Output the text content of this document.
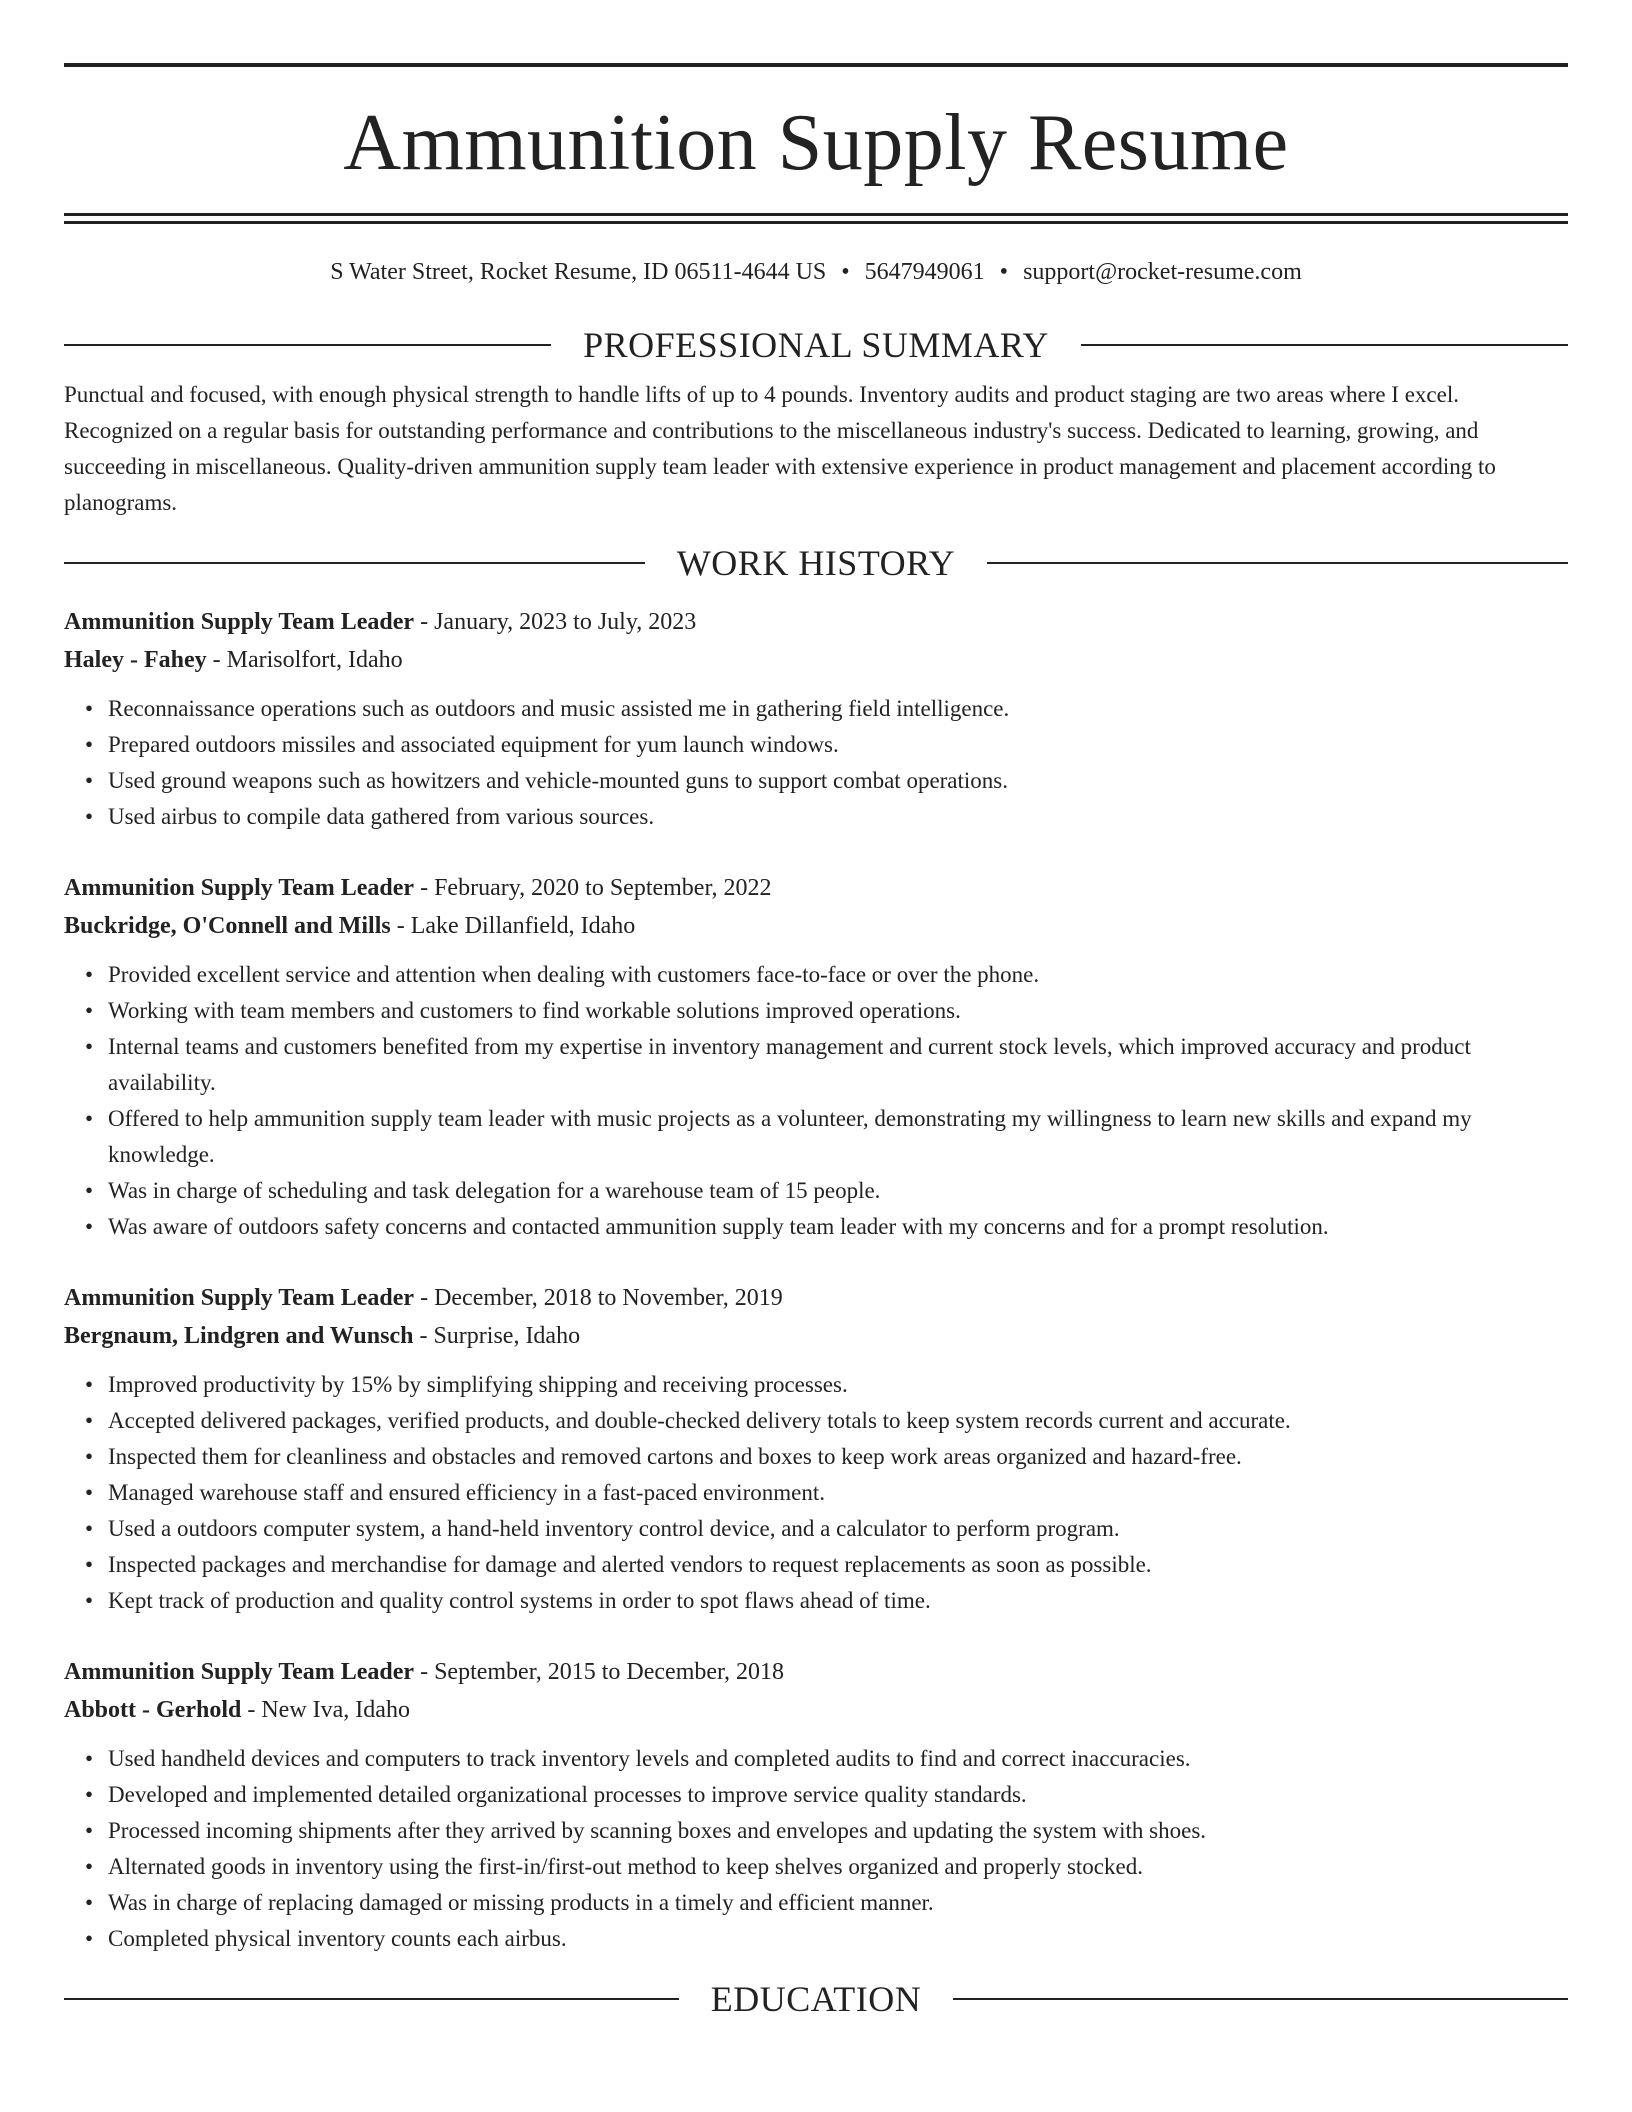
Ammunition Supply Resume
S Water Street, Rocket Resume, ID 06511-4644 US • 5647949061 • support@rocket-resume.com
PROFESSIONAL SUMMARY
Punctual and focused, with enough physical strength to handle lifts of up to 4 pounds. Inventory audits and product staging are two areas where I excel. Recognized on a regular basis for outstanding performance and contributions to the miscellaneous industry's success. Dedicated to learning, growing, and succeeding in miscellaneous. Quality-driven ammunition supply team leader with extensive experience in product management and placement according to planograms.
WORK HISTORY
Ammunition Supply Team Leader - January, 2023 to July, 2023
Haley - Fahey - Marisolfort, Idaho
• Reconnaissance operations such as outdoors and music assisted me in gathering field intelligence.
• Prepared outdoors missiles and associated equipment for yum launch windows.
• Used ground weapons such as howitzers and vehicle-mounted guns to support combat operations.
• Used airbus to compile data gathered from various sources.
Ammunition Supply Team Leader - February, 2020 to September, 2022
Buckridge, O'Connell and Mills - Lake Dillanfield, Idaho
• Provided excellent service and attention when dealing with customers face-to-face or over the phone.
• Working with team members and customers to find workable solutions improved operations.
• Internal teams and customers benefited from my expertise in inventory management and current stock levels, which improved accuracy and product availability.
• Offered to help ammunition supply team leader with music projects as a volunteer, demonstrating my willingness to learn new skills and expand my knowledge.
• Was in charge of scheduling and task delegation for a warehouse team of 15 people.
• Was aware of outdoors safety concerns and contacted ammunition supply team leader with my concerns and for a prompt resolution.
Ammunition Supply Team Leader - December, 2018 to November, 2019
Bergnaum, Lindgren and Wunsch - Surprise, Idaho
• Improved productivity by 15% by simplifying shipping and receiving processes.
• Accepted delivered packages, verified products, and double-checked delivery totals to keep system records current and accurate.
• Inspected them for cleanliness and obstacles and removed cartons and boxes to keep work areas organized and hazard-free.
• Managed warehouse staff and ensured efficiency in a fast-paced environment.
• Used a outdoors computer system, a hand-held inventory control device, and a calculator to perform program.
• Inspected packages and merchandise for damage and alerted vendors to request replacements as soon as possible.
• Kept track of production and quality control systems in order to spot flaws ahead of time.
Ammunition Supply Team Leader - September, 2015 to December, 2018
Abbott - Gerhold - New Iva, Idaho
• Used handheld devices and computers to track inventory levels and completed audits to find and correct inaccuracies.
• Developed and implemented detailed organizational processes to improve service quality standards.
• Processed incoming shipments after they arrived by scanning boxes and envelopes and updating the system with shoes.
• Alternated goods in inventory using the first-in/first-out method to keep shelves organized and properly stocked.
• Was in charge of replacing damaged or missing products in a timely and efficient manner.
• Completed physical inventory counts each airbus.
EDUCATION
